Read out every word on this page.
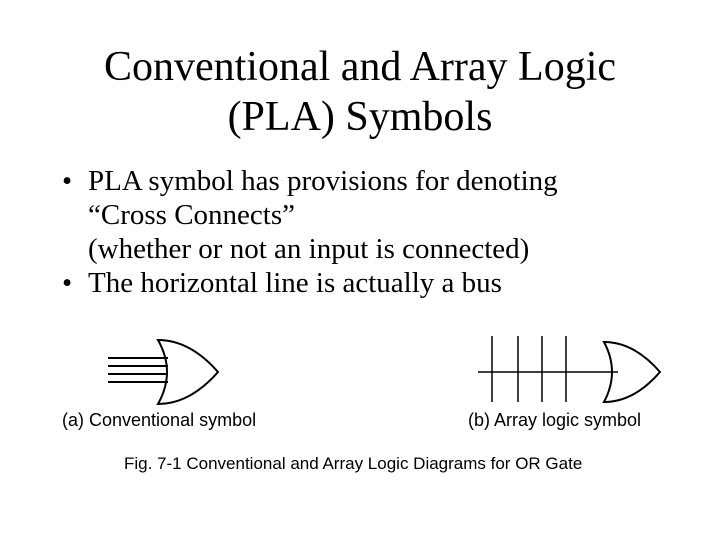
Conventional and Array Logic
(PLA) Symbols
• PLA symbol has provisions for denoting
“Cross Connects”
(whether or not an input is connected)
• The horizontal line is actually a bus
(a) Conventional symbol	(b) Array logic symbol
Fig. 7-1 Conventional and Array Logic Diagrams for OR Gate
